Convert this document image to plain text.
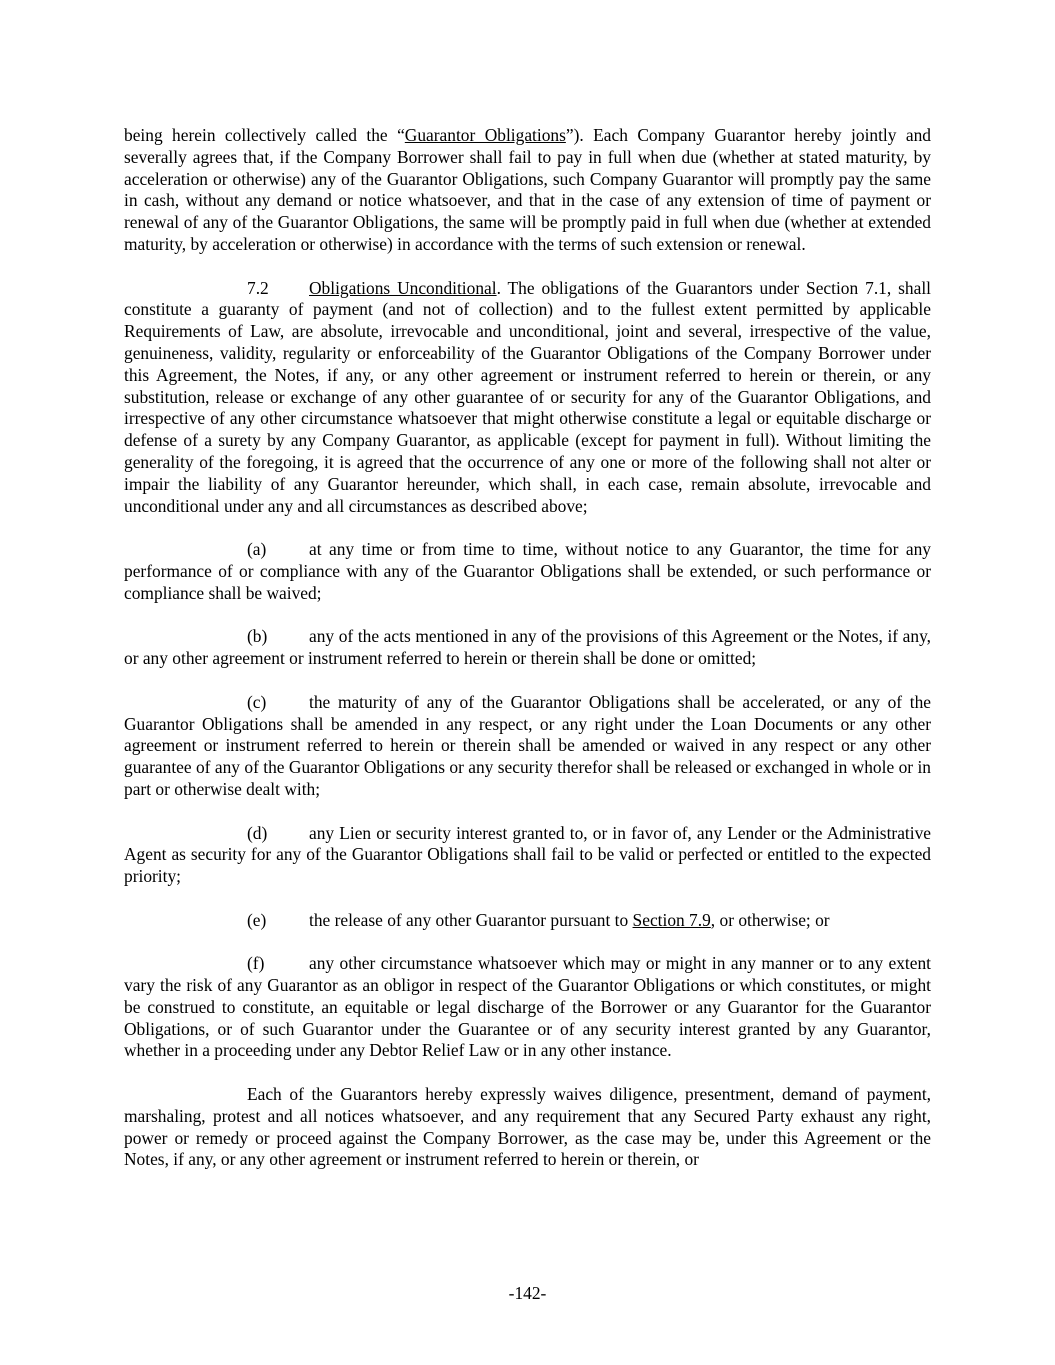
being herein collectively called the “Guarantor Obligations”). Each Company Guarantor hereby jointly and severally agrees that, if the Company Borrower shall fail to pay in full when due (whether at stated maturity, by acceleration or otherwise) any of the Guarantor Obligations, such Company Guarantor will promptly pay the same in cash, without any demand or notice whatsoever, and that in the case of any extension of time of payment or renewal of any of the Guarantor Obligations, the same will be promptly paid in full when due (whether at extended maturity, by acceleration or otherwise) in accordance with the terms of such extension or renewal.

7.2 Obligations Unconditional. The obligations of the Guarantors under Section 7.1, shall constitute a guaranty of payment (and not of collection) and to the fullest extent permitted by applicable Requirements of Law, are absolute, irrevocable and unconditional, joint and several, irrespective of the value, genuineness, validity, regularity or enforceability of the Guarantor Obligations of the Company Borrower under this Agreement, the Notes, if any, or any other agreement or instrument referred to herein or therein, or any substitution, release or exchange of any other guarantee of or security for any of the Guarantor Obligations, and irrespective of any other circumstance whatsoever that might otherwise constitute a legal or equitable discharge or defense of a surety by any Company Guarantor, as applicable (except for payment in full). Without limiting the generality of the foregoing, it is agreed that the occurrence of any one or more of the following shall not alter or impair the liability of any Guarantor hereunder, which shall, in each case, remain absolute, irrevocable and unconditional under any and all circumstances as described above;

(a) at any time or from time to time, without notice to any Guarantor, the time for any performance of or compliance with any of the Guarantor Obligations shall be extended, or such performance or compliance shall be waived;

(b) any of the acts mentioned in any of the provisions of this Agreement or the Notes, if any, or any other agreement or instrument referred to herein or therein shall be done or omitted;

(c) the maturity of any of the Guarantor Obligations shall be accelerated, or any of the Guarantor Obligations shall be amended in any respect, or any right under the Loan Documents or any other agreement or instrument referred to herein or therein shall be amended or waived in any respect or any other guarantee of any of the Guarantor Obligations or any security therefor shall be released or exchanged in whole or in part or otherwise dealt with;

(d) any Lien or security interest granted to, or in favor of, any Lender or the Administrative Agent as security for any of the Guarantor Obligations shall fail to be valid or perfected or entitled to the expected priority;

(e) the release of any other Guarantor pursuant to Section 7.9, or otherwise; or

(f)	any other circumstance whatsoever which may or might in any manner or to any extent vary the risk of any Guarantor as an obligor in respect of the Guarantor Obligations or which constitutes, or might be construed to constitute, an equitable or legal discharge of the Borrower or any Guarantor for the Guarantor Obligations, or of such Guarantor under the Guarantee or of any security interest granted by any Guarantor, whether in a proceeding under any Debtor Relief Law or in any other instance.

Each of the Guarantors hereby expressly waives diligence, presentment, demand of payment, marshaling, protest and all notices whatsoever, and any requirement that any Secured Party exhaust any right, power or remedy or proceed against the Company Borrower, as the case may be, under this Agreement or the Notes, if any, or any other agreement or instrument referred to herein or therein, or

-142-
